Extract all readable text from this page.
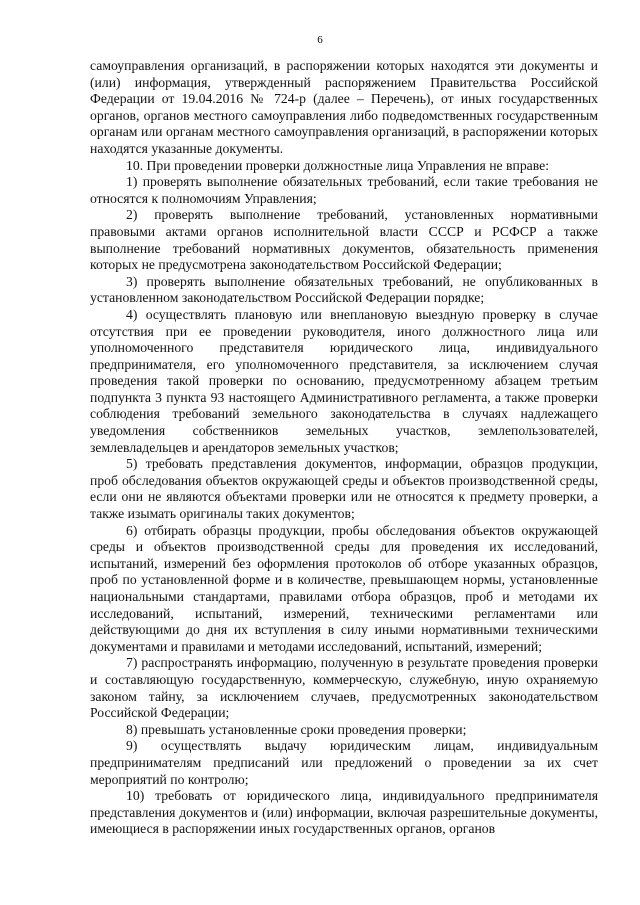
6

самоуправления организаций, в распоряжении которых находятся эти документы и (или) информация, утвержденный распоряжением Правительства Российской Федерации от 19.04.2016 № 724-р (далее – Перечень), от иных государственных органов, органов местного самоуправления либо подведомственных государственным органам или органам местного самоуправления организаций, в распоряжении которых находятся указанные документы.

10. При проведении проверки должностные лица Управления не вправе:

1) проверять выполнение обязательных требований, если такие требования не относятся к полномочиям Управления;

2) проверять выполнение требований, установленных нормативными правовыми актами органов исполнительной власти СССР и РСФСР а также выполнение требований нормативных документов, обязательность применения которых не предусмотрена законодательством Российской Федерации;

3) проверять выполнение обязательных требований, не опубликованных в установленном законодательством Российской Федерации порядке;

4) осуществлять плановую или внеплановую выездную проверку в случае отсутствия при ее проведении руководителя, иного должностного лица или уполномоченного представителя юридического лица, индивидуального предпринимателя, его уполномоченного представителя, за исключением случая проведения такой проверки по основанию, предусмотренному абзацем третьим подпункта 3 пункта 93 настоящего Административного регламента, а также проверки соблюдения требований земельного законодательства в случаях надлежащего уведомления собственников земельных участков, землепользователей, землевладельцев и арендаторов земельных участков;

5) требовать представления документов, информации, образцов продукции, проб обследования объектов окружающей среды и объектов производственной среды, если они не являются объектами проверки или не относятся к предмету проверки, а также изымать оригиналы таких документов;

6) отбирать образцы продукции, пробы обследования объектов окружающей среды и объектов производственной среды для проведения их исследований, испытаний, измерений без оформления протоколов об отборе указанных образцов, проб по установленной форме и в количестве, превышающем нормы, установленные национальными стандартами, правилами отбора образцов, проб и методами их исследований, испытаний, измерений, техническими регламентами или действующими до дня их вступления в силу иными нормативными техническими документами и правилами и методами исследований, испытаний, измерений;

7) распространять информацию, полученную в результате проведения проверки и составляющую государственную, коммерческую, служебную, иную охраняемую законом тайну, за исключением случаев, предусмотренных законодательством Российской Федерации;

8) превышать установленные сроки проведения проверки;

9) осуществлять выдачу юридическим лицам, индивидуальным предпринимателям предписаний или предложений о проведении за их счет мероприятий по контролю;

10) требовать от юридического лица, индивидуального предпринимателя представления документов и (или) информации, включая разрешительные документы, имеющиеся в распоряжении иных государственных органов, органов
